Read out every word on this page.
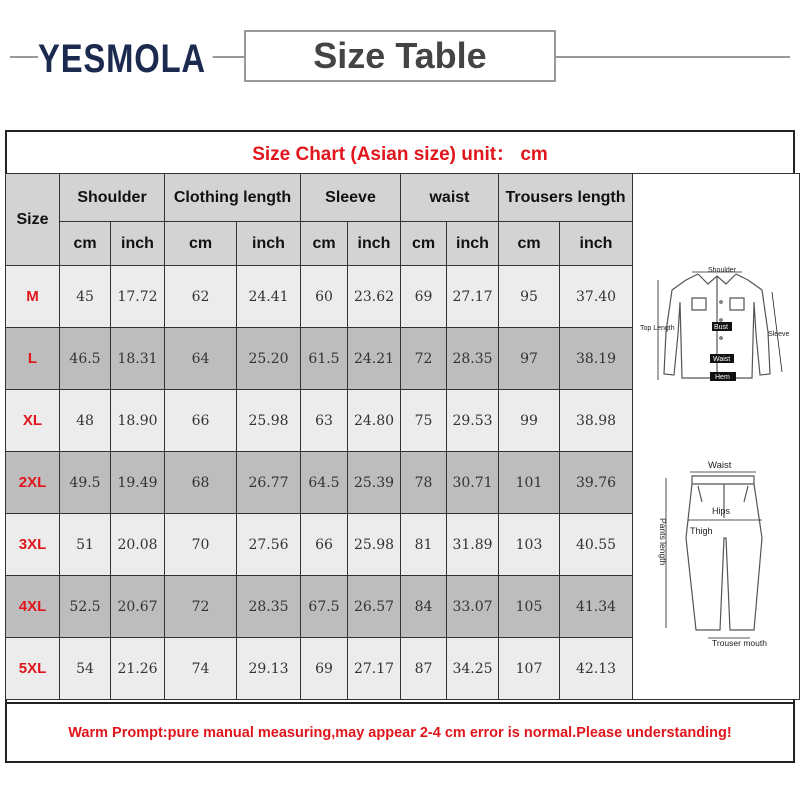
YESMOLA	Size Table
Size Chart (Asian size) unit： cm
Size	Shoulder		Clothing length		Sleeve		waist		Trousers length		
	cm	inch	cm	inch	cm	inch	cm	inch	cm	inch	
M	45	17.72	62	24.41	60	23.62	69	27.17	95	37.40	
L	46.5	18.31	64	25.20	61.5	24.21	72	28.35	97	38.19	
XL	48	18.90	66	25.98	63	24.80	75	29.53	99	38.98	
2XL	49.5	19.49	68	26.77	64.5	25.39	78	30.71	101	39.76	
3XL	51	20.08	70	27.56	66	25.98	81	31.89	103	40.55	
4XL	52.5	20.67	72	28.35	67.5	26.57	84	33.07	105	41.34	
5XL	54	21.26	74	29.13	69	27.17	87	34.25	107	42.13	
Shoulder
Top Length	Bust
Sleeve
Waist
Hem
Waist
Hips
Thigh
Pants length
Trouser mouth
Warm Prompt:pure manual measuring,may appear 2-4 cm error is normal.Please understanding!
